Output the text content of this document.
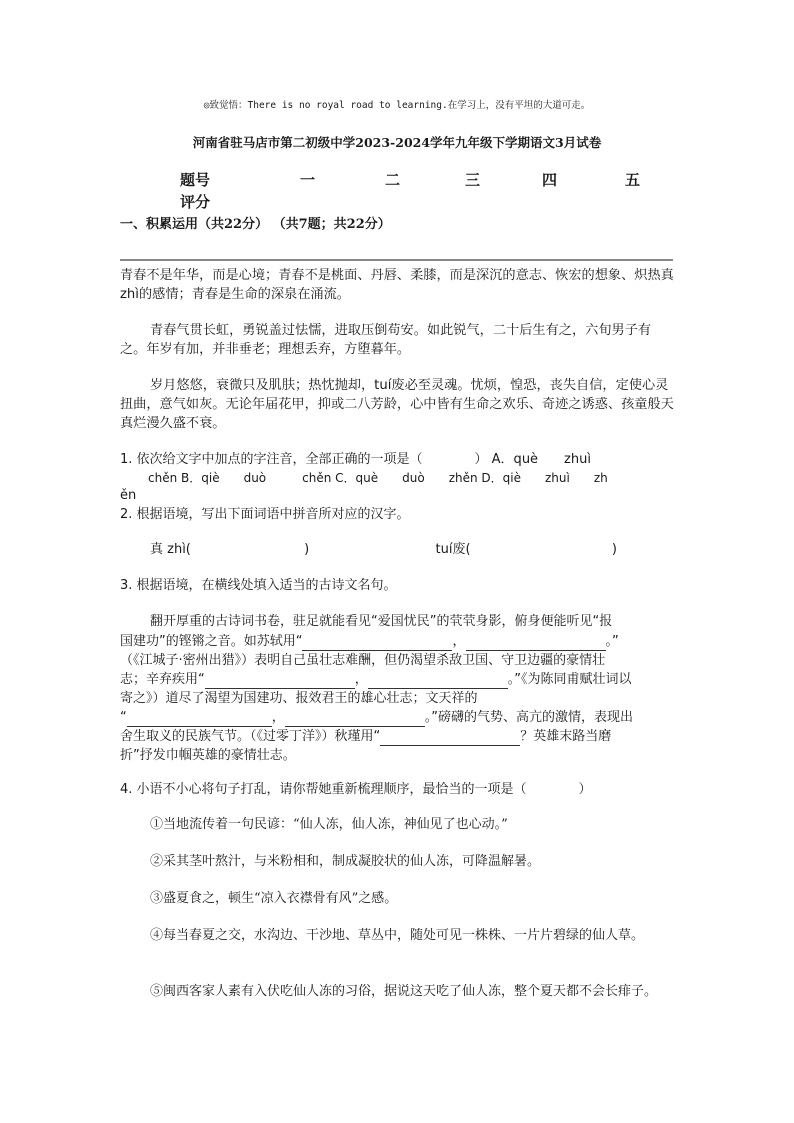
◎致觉悟：There is no royal road to learning.在学习上，没有平坦的大道可走。
河南省驻马店市第二初级中学2023-2024学年九年级下学期语文3月试卷
题号	一	二	三	四	五
评分
一、积累运用（共22分） （共7题；共22分）
青春不是年华，而是心境；青春不是桃面、丹唇、柔膝，而是深沉的意志、恢宏的想象、炽热真 zhì的感情；青春是生命的深泉在涌流。
青春气贯长虹，勇锐盖过怯懦，进取压倒苟安。如此锐气，二十后生有之，六旬男子有之。年岁有加，并非垂老；理想丢弃，方堕暮年。
岁月悠悠，衰微只及肌肤；热忱抛却，tuí废必至灵魂。忧烦，惶恐，丧失自信，定使心灵扭曲，意气如灰。无论年届花甲，抑或二八芳龄，心中皆有生命之欢乐、奇迹之诱惑、孩童般天真烂漫久盛不衰。
1. 依次给文字中加点的字注音，全部正确的一项是（　　　　） A．què　　zhuì
chěn B．qiè　　duò　　　chěn C．què　　duò　　zhěn D．qiè　　zhuì　　zh
ěn
2. 根据语境，写出下面词语中拼音所对应的汉字。
真 zhì(	)	tuí废(	)
3. 根据语境，在横线处填入适当的古诗文名句。
翻开厚重的古诗词书卷，驻足就能看见“爱国忧民”的茕茕身影，俯身便能听见“报
国建功”的铿锵之音。如苏轼用“	，	。”
（《江城子·密州出猎》）表明自己虽壮志难酬，但仍渴望杀敌卫国、守卫边疆的豪情壮
志；辛弃疾用“	，	。”《为陈同甫赋壮词以
寄之》）道尽了渴望为国建功、报效君王的雄心壮志；文天祥的
“	，	。”磅礴的气势、高亢的激情，表现出
舍生取义的民族气节。（《过零丁洋》）秋瑾用“	？英雄末路当磨
折”抒发巾帼英雄的豪情壮志。
4. 小语不小心将句子打乱，请你帮她重新梳理顺序，最恰当的一项是（　　　　）
①当地流传着一句民谚：“仙人冻，仙人冻，神仙见了也心动。”
②采其茎叶熬汁，与米粉相和，制成凝胶状的仙人冻，可降温解暑。
③盛夏食之，顿生“凉入衣襟骨有风”之感。
④每当春夏之交，水沟边、干沙地、草丛中，随处可见一株株、一片片碧绿的仙人草。
⑤闽西客家人素有入伏吃仙人冻的习俗，据说这天吃了仙人冻，整个夏天都不会长痱子。
